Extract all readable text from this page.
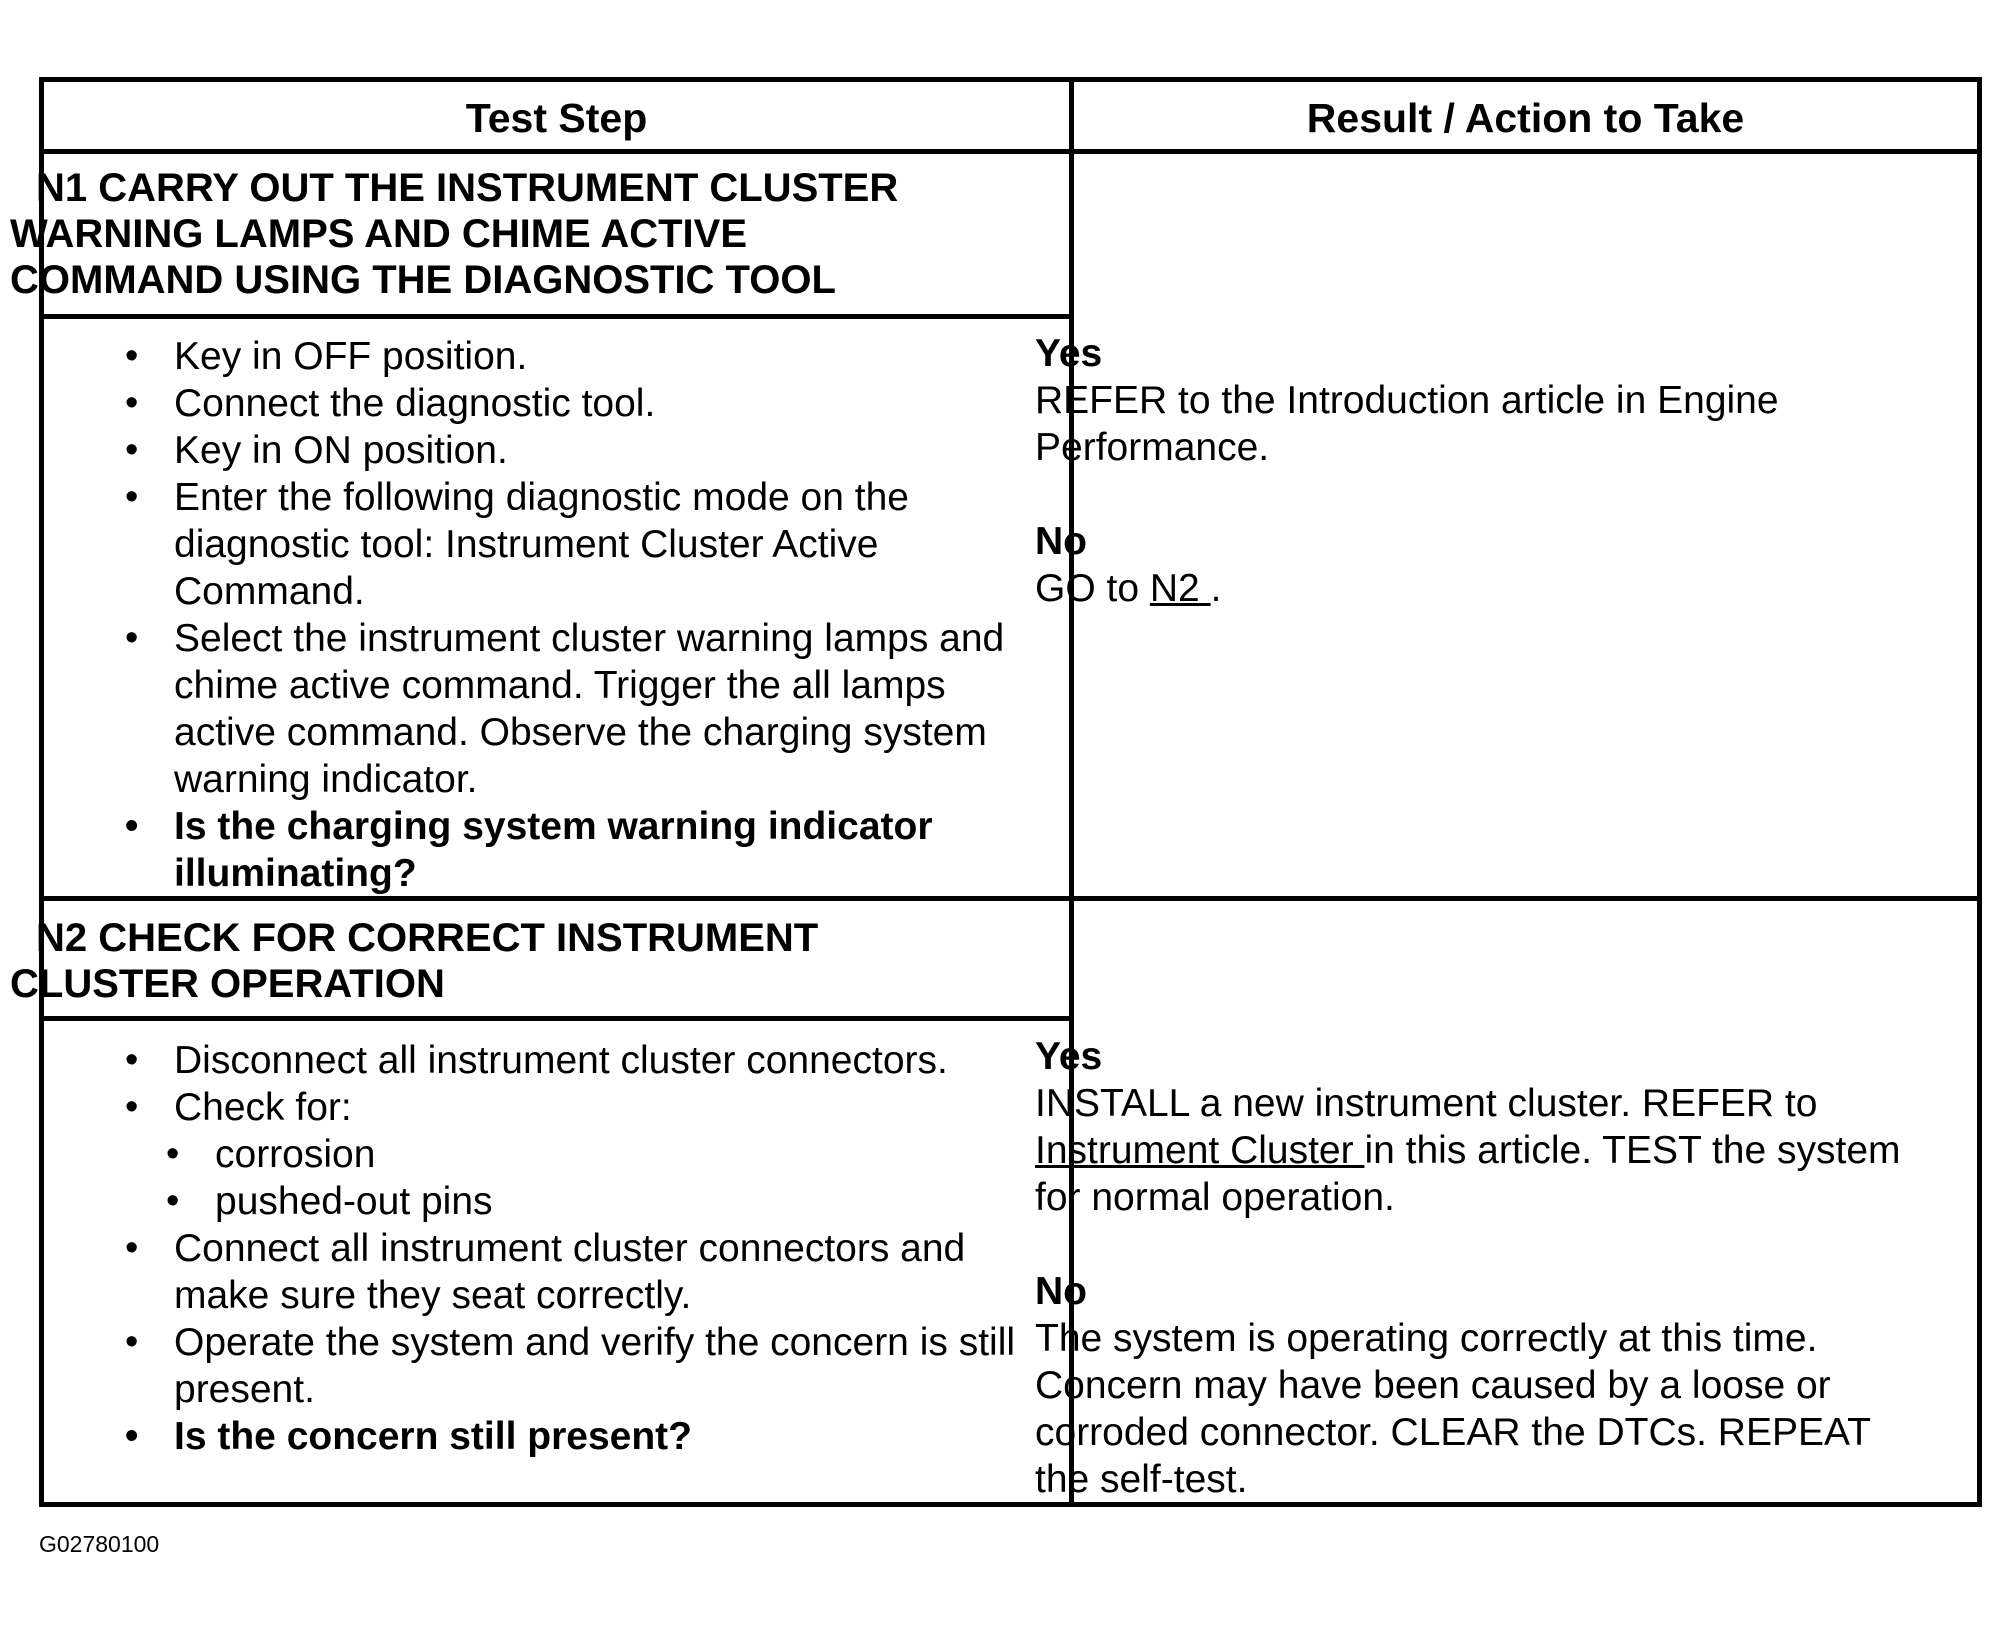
Test Step	Result / Action to Take
N1 CARRY OUT THE INSTRUMENT CLUSTER
WARNING LAMPS AND CHIME ACTIVE
COMMAND USING THE DIAGNOSTIC TOOL
• Key in OFF position.
• Connect the diagnostic tool.
• Key in ON position.
• Enter the following diagnostic mode on the diagnostic tool: Instrument Cluster Active Command.
• Select the instrument cluster warning lamps and chime active command. Trigger the all lamps active command. Observe the charging system warning indicator.
• Is the charging system warning indicator illuminating?
Yes
REFER to the Introduction article in Engine Performance.
No
GO to N2 .
N2 CHECK FOR CORRECT INSTRUMENT
CLUSTER OPERATION
• Disconnect all instrument cluster connectors.
• Check for:
• corrosion
• pushed-out pins
• Connect all instrument cluster connectors and make sure they seat correctly.
• Operate the system and verify the concern is still present.
• Is the concern still present?
Yes
INSTALL a new instrument cluster. REFER to Instrument Cluster in this article. TEST the system for normal operation.
No
The system is operating correctly at this time. Concern may have been caused by a loose or corroded connector. CLEAR the DTCs. REPEAT the self-test.
G02780100
